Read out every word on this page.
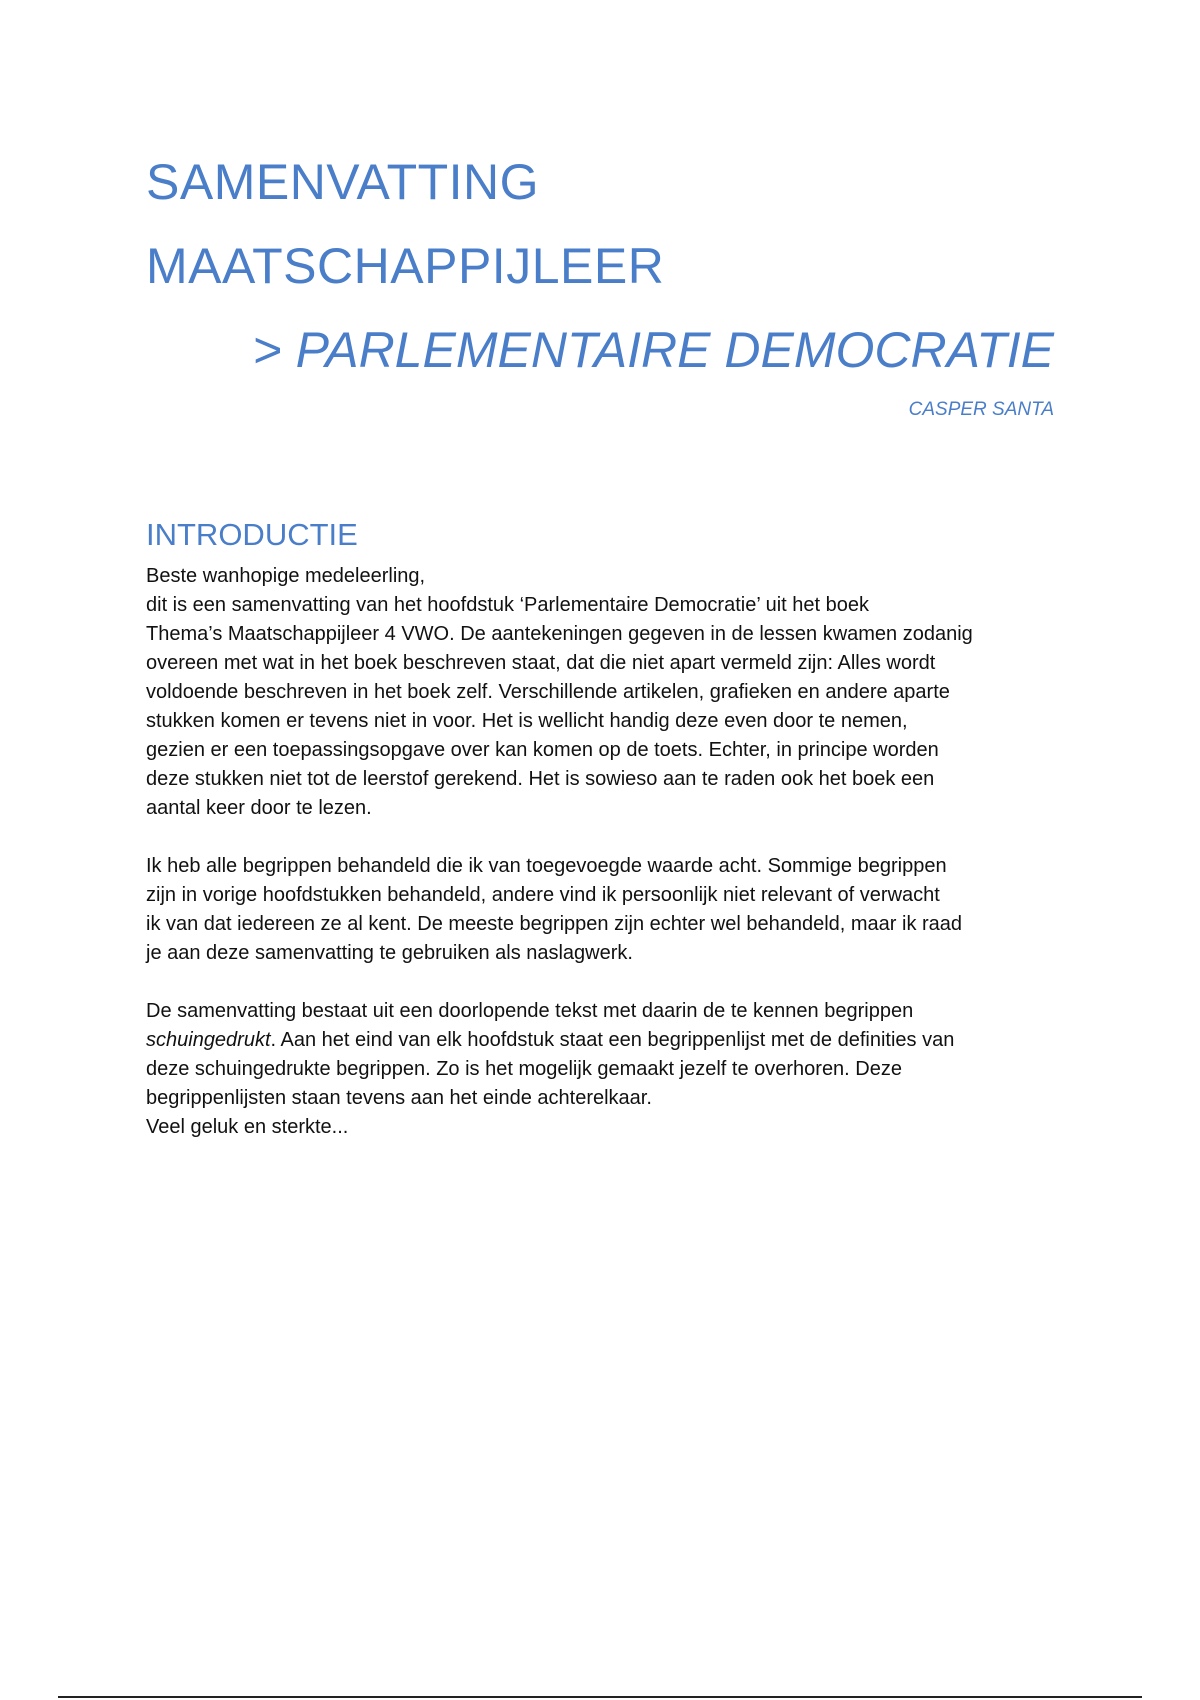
SAMENVATTING
MAATSCHAPPIJLEER
> PARLEMENTAIRE DEMOCRATIE
CASPER SANTA
INTRODUCTIE

Beste wanhopige medeleerling,
dit is een samenvatting van het hoofdstuk ‘Parlementaire Democratie’ uit het boek
Thema’s Maatschappijleer 4 VWO. De aantekeningen gegeven in de lessen kwamen zodanig
overeen met wat in het boek beschreven staat, dat die niet apart vermeld zijn: Alles wordt
voldoende beschreven in het boek zelf. Verschillende artikelen, grafieken en andere aparte
stukken komen er tevens niet in voor. Het is wellicht handig deze even door te nemen,
gezien er een toepassingsopgave over kan komen op de toets. Echter, in principe worden
deze stukken niet tot de leerstof gerekend. Het is sowieso aan te raden ook het boek een
aantal keer door te lezen.

Ik heb alle begrippen behandeld die ik van toegevoegde waarde acht. Sommige begrippen
zijn in vorige hoofdstukken behandeld, andere vind ik persoonlijk niet relevant of verwacht
ik van dat iedereen ze al kent. De meeste begrippen zijn echter wel behandeld, maar ik raad
je aan deze samenvatting te gebruiken als naslagwerk.

De samenvatting bestaat uit een doorlopende tekst met daarin de te kennen begrippen
schuingedrukt. Aan het eind van elk hoofdstuk staat een begrippenlijst met de definities van
deze schuingedrukte begrippen. Zo is het mogelijk gemaakt jezelf te overhoren. Deze
begrippenlijsten staan tevens aan het einde achterelkaar.
Veel geluk en sterkte...
